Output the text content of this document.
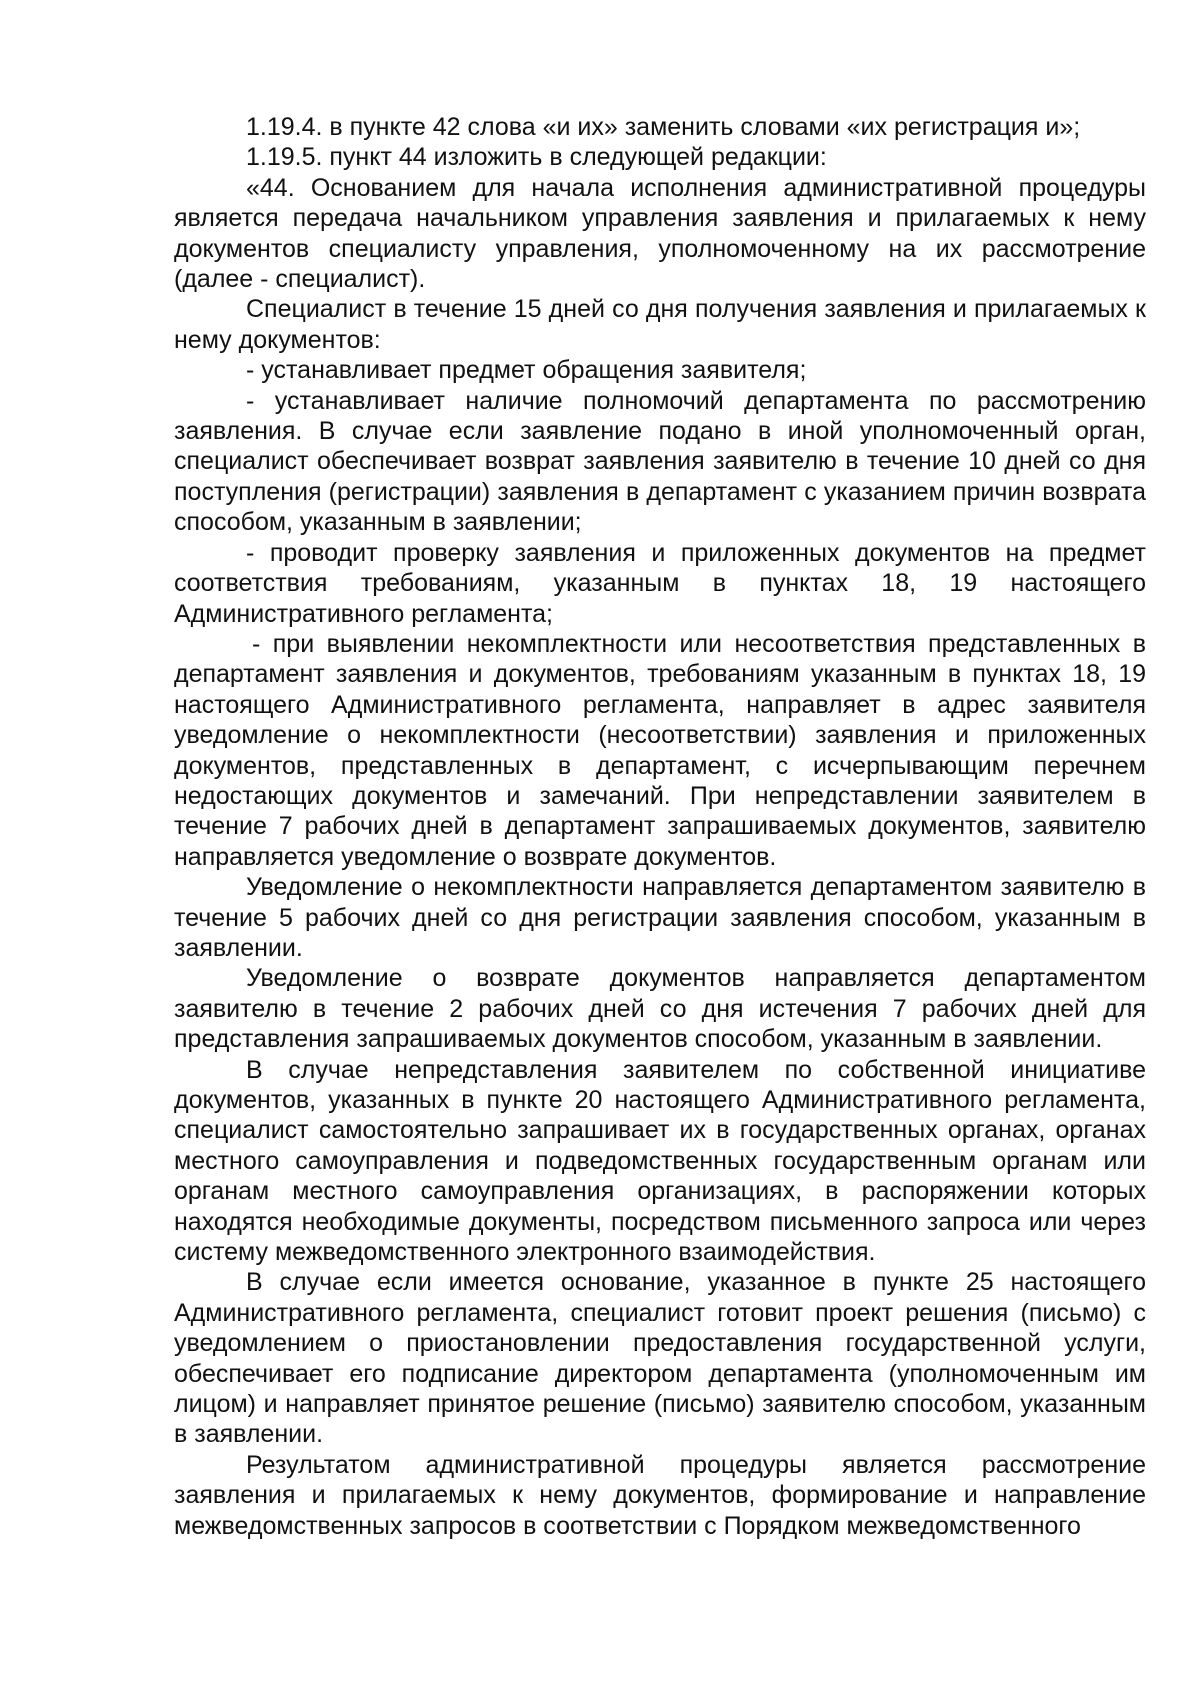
1.19.4. в пункте 42 слова «и их» заменить словами «их регистрация и»;

1.19.5. пункт 44 изложить в следующей редакции:

«44. Основанием для начала исполнения административной процедуры является передача начальником управления заявления и прилагаемых к нему документов специалисту управления, уполномоченному на их рассмотрение (далее - специалист).

Специалист в течение 15 дней со дня получения заявления и прилагаемых к нему документов:

- устанавливает предмет обращения заявителя;

- устанавливает наличие полномочий департамента по рассмотрению заявления. В случае если заявление подано в иной уполномоченный орган, специалист обеспечивает возврат заявления заявителю в течение 10 дней со дня поступления (регистрации) заявления в департамент с указанием причин возврата способом, указанным в заявлении;

- проводит проверку заявления и приложенных документов на предмет соответствия требованиям, указанным в пунктах 18, 19 настоящего Административного регламента;

- при выявлении некомплектности или несоответствия представленных в департамент заявления и документов, требованиям указанным в пунктах 18, 19 настоящего Административного регламента, направляет в адрес заявителя уведомление о некомплектности (несоответствии) заявления и приложенных документов, представленных в департамент, с исчерпывающим перечнем недостающих документов и замечаний. При непредставлении заявителем в течение 7 рабочих дней в департамент запрашиваемых документов, заявителю направляется уведомление о возврате документов.

Уведомление о некомплектности направляется департаментом заявителю в течение 5 рабочих дней со дня регистрации заявления способом, указанным в заявлении.

Уведомление о возврате документов направляется департаментом заявителю в течение 2 рабочих дней со дня истечения 7 рабочих дней для представления запрашиваемых документов способом, указанным в заявлении.

В случае непредставления заявителем по собственной инициативе документов, указанных в пункте 20 настоящего Административного регламента, специалист самостоятельно запрашивает их в государственных органах, органах местного самоуправления и подведомственных государственным органам или органам местного самоуправления организациях, в распоряжении которых находятся необходимые документы, посредством письменного запроса или через систему межведомственного электронного взаимодействия.

В случае если имеется основание, указанное в пункте 25 настоящего Административного регламента, специалист готовит проект решения (письмо) с уведомлением о приостановлении предоставления государственной услуги, обеспечивает его подписание директором департамента (уполномоченным им лицом) и направляет принятое решение (письмо) заявителю способом, указанным в заявлении.

Результатом административной процедуры является рассмотрение заявления и прилагаемых к нему документов, формирование и направление межведомственных запросов в соответствии с Порядком межведомственного
